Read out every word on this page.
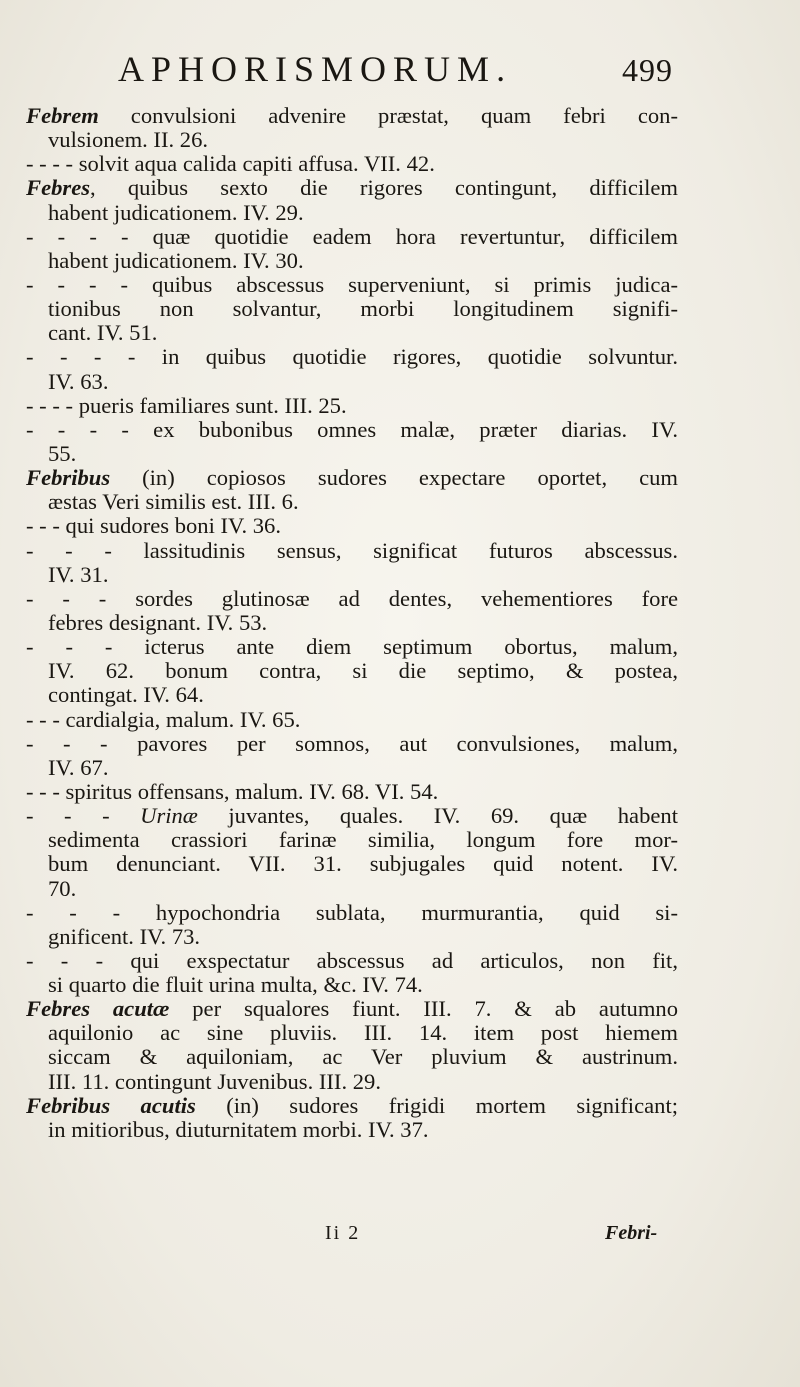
APHORISMORUM.	499
Febrem convulsioni advenire præstat, quam febri con-
vulsionem. II. 26.
- - - - solvit aqua calida capiti affusa. VII. 42.
Febres, quibus sexto die rigores contingunt, difficilem
habent judicationem. IV. 29.
- - - - quæ quotidie eadem hora revertuntur, difficilem
habent judicationem. IV. 30.
- - - - quibus abscessus superveniunt, si primis judica-
tionibus non solvantur, morbi longitudinem signifi-
cant. IV. 51.
- - - - in quibus quotidie rigores, quotidie solvuntur.
IV. 63.
- - - - pueris familiares sunt. III. 25.
- - - - ex bubonibus omnes malæ, præter diarias. IV.
55.
Febribus (in) copiosos sudores expectare oportet, cum
æstas Veri similis est. III. 6.
- - - qui sudores boni IV. 36.
- - - lassitudinis sensus, significat futuros abscessus.
IV. 31.
- - - sordes glutinosæ ad dentes, vehementiores fore
febres designant. IV. 53.
- - - icterus ante diem septimum obortus, malum,
IV. 62. bonum contra, si die septimo, & postea,
contingat. IV. 64.
- - - cardialgia, malum. IV. 65.
- - - pavores per somnos, aut convulsiones, malum,
IV. 67.
- - - spiritus offensans, malum. IV. 68. VI. 54.
- - - Urinæ juvantes, quales. IV. 69. quæ habent
sedimenta crassiori farinæ similia, longum fore mor-
bum denunciant. VII. 31. subjugales quid notent. IV.
70.
- - - hypochondria sublata, murmurantia, quid si-
gnificent. IV. 73.
- - - qui exspectatur abscessus ad articulos, non fit,
si quarto die fluit urina multa, &c. IV. 74.
Febres acutæ per squalores fiunt. III. 7. & ab autumno
aquilonio ac sine pluviis. III. 14. item post hiemem
siccam & aquiloniam, ac Ver pluvium & austrinum.
III. 11. contingunt Juvenibus. III. 29.
Febribus acutis (in) sudores frigidi mortem significant;
in mitioribus, diuturnitatem morbi. IV. 37.
Ii 2	Febri-
